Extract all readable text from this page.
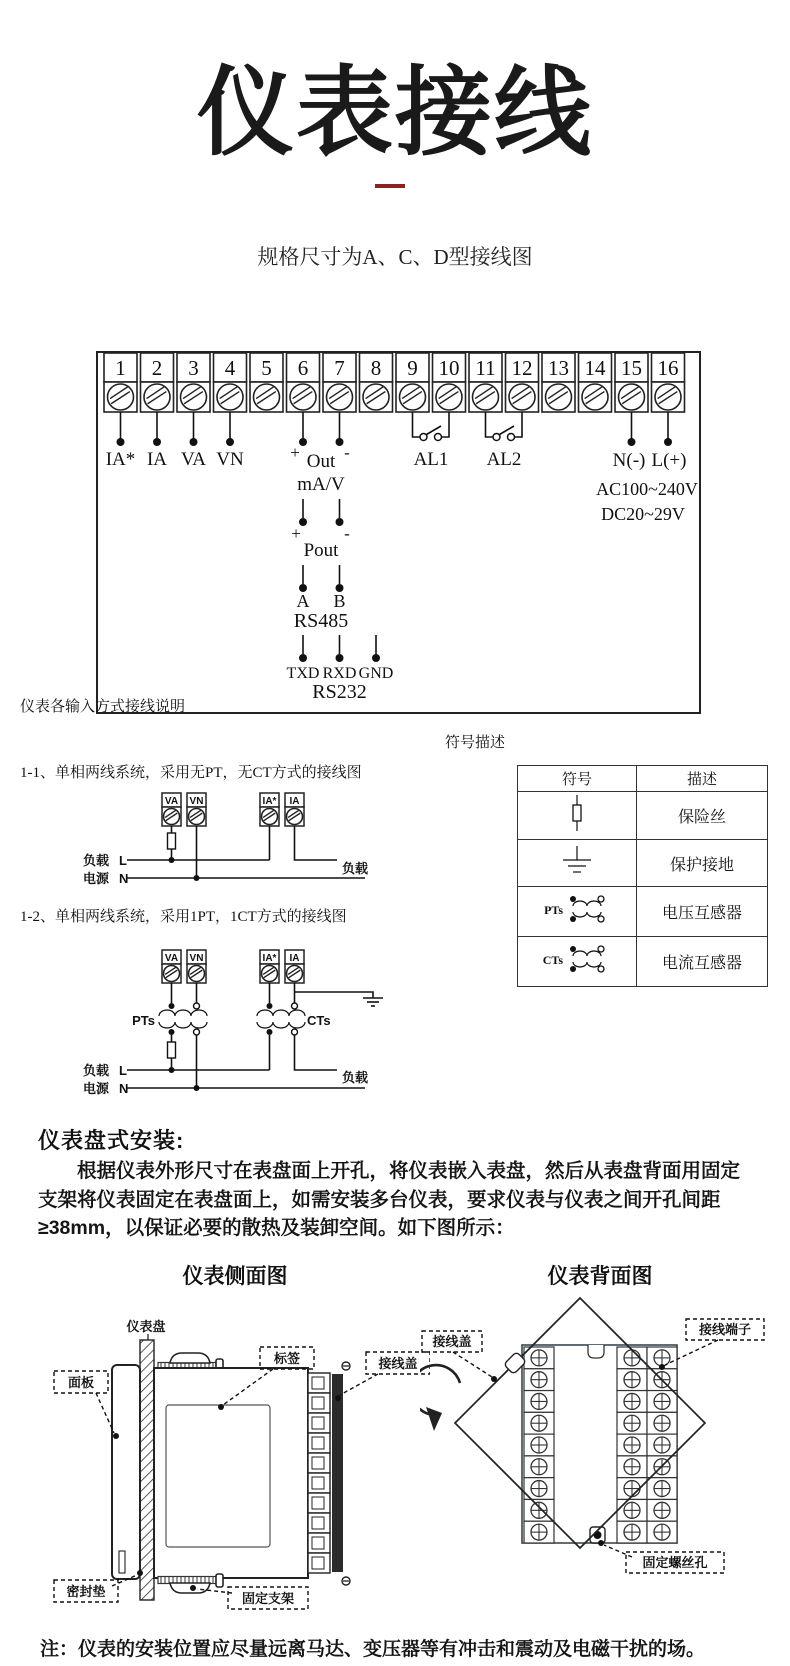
仪表接线
规格尺寸为A、C、D型接线图
1 2 3 4 5 6 7 8 9 10 11 12 13 14 15 16
IA* IA VA VN	+	-
Out
mA/V
+	-
Pout
A B
RS485
TXD RXD GND
RS232
AL1 AL2	N(-) L(+)
AC100~240V
DC20~29V
仪表各输入方式接线说明
1-1、单相两线系统，采用无PT，无CT方式的接线图
VA VN	IA* IA
负载 L
电源 N
负载
1-2、单相两线系统，采用1PT，1CT方式的接线图
VA VN	IA* IA
PTs	CTs
负载 L
电源 N
负载
符号描述
符号	描述
	保险丝
	保护接地

PTs	电压互感器

CTs	电流互感器
仪表盘式安装:
根据仪表外形尺寸在表盘面上开孔，将仪表嵌入表盘，然后从表盘背面用固定支架将仪表固定在表盘面上，如需安装多台仪表，要求仪表与仪表之间开孔间距≥38mm，以保证必要的散热及装卸空间。如下图所示：
仪表侧面图
仪表盘
面板
标签	接线盖
密封垫	固定支架
仪表背面图
接线盖
接线端子
固定螺丝孔
注：仪表的安装位置应尽量远离马达、变压器等有冲击和震动及电磁干扰的场。
